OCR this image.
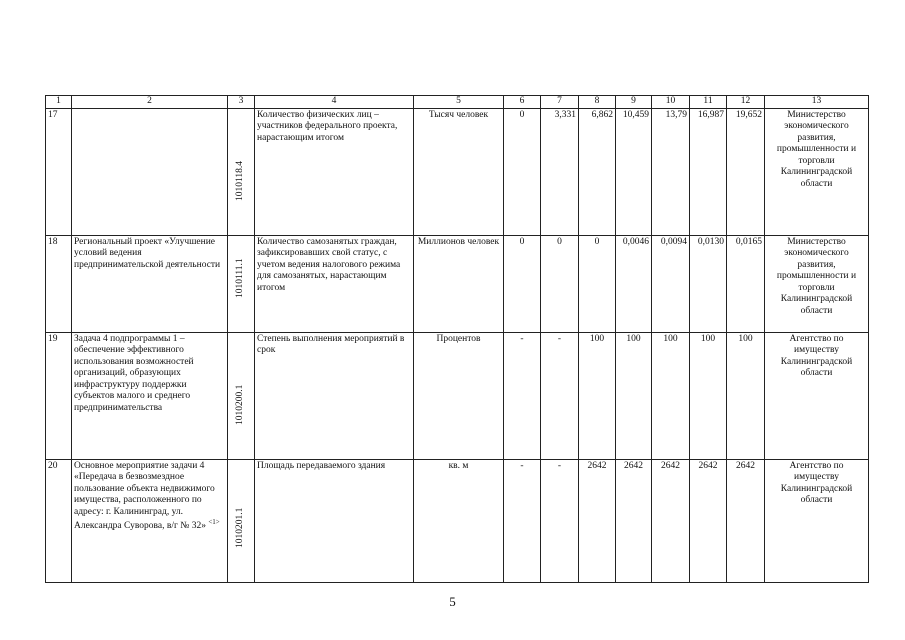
1	2	3	4	5	6	7	8	9	10	11	12	13
17		1010118.4	Количество физических лиц – участников федерального проекта, нарастающим итогом	Тысяч человек	0	3,331	6,862	10,459	13,79	16,987	19,652	Министерство экономического развития, промышленности и торговли Калининградской области
18	Региональный проект «Улучшение условий ведения предпринимательской деятельности	1010111.1	Количество самозанятых граждан, зафиксировавших свой статус, с учетом ведения налогового режима для самозанятых, нарастающим итогом	Миллионов человек	0	0	0	0,0046	0,0094	0,0130	0,0165	Министерство экономического развития, промышленности и торговли Калининградской области
19	Задача 4 подпрограммы 1 – обеспечение эффективного использования возможностей организаций, образующих инфраструктуру поддержки субъектов малого и среднего предпринимательства	1010200.1	Степень выполнения мероприятий в срок	Процентов	-	-	100	100	100	100	100	Агентство по имуществу Калининградской области
20	Основное мероприятие задачи 4 «Передача в безвозмездное пользование объекта недвижимого имущества, расположенного по адресу: г. Калининград, ул. Александра Суворова, в/г № 32» $^{<1>}$	1010201.1	Площадь передаваемого здания	кв. м	-	-	2642	2642	2642	2642	2642	Агентство по имуществу Калининградской области
5
